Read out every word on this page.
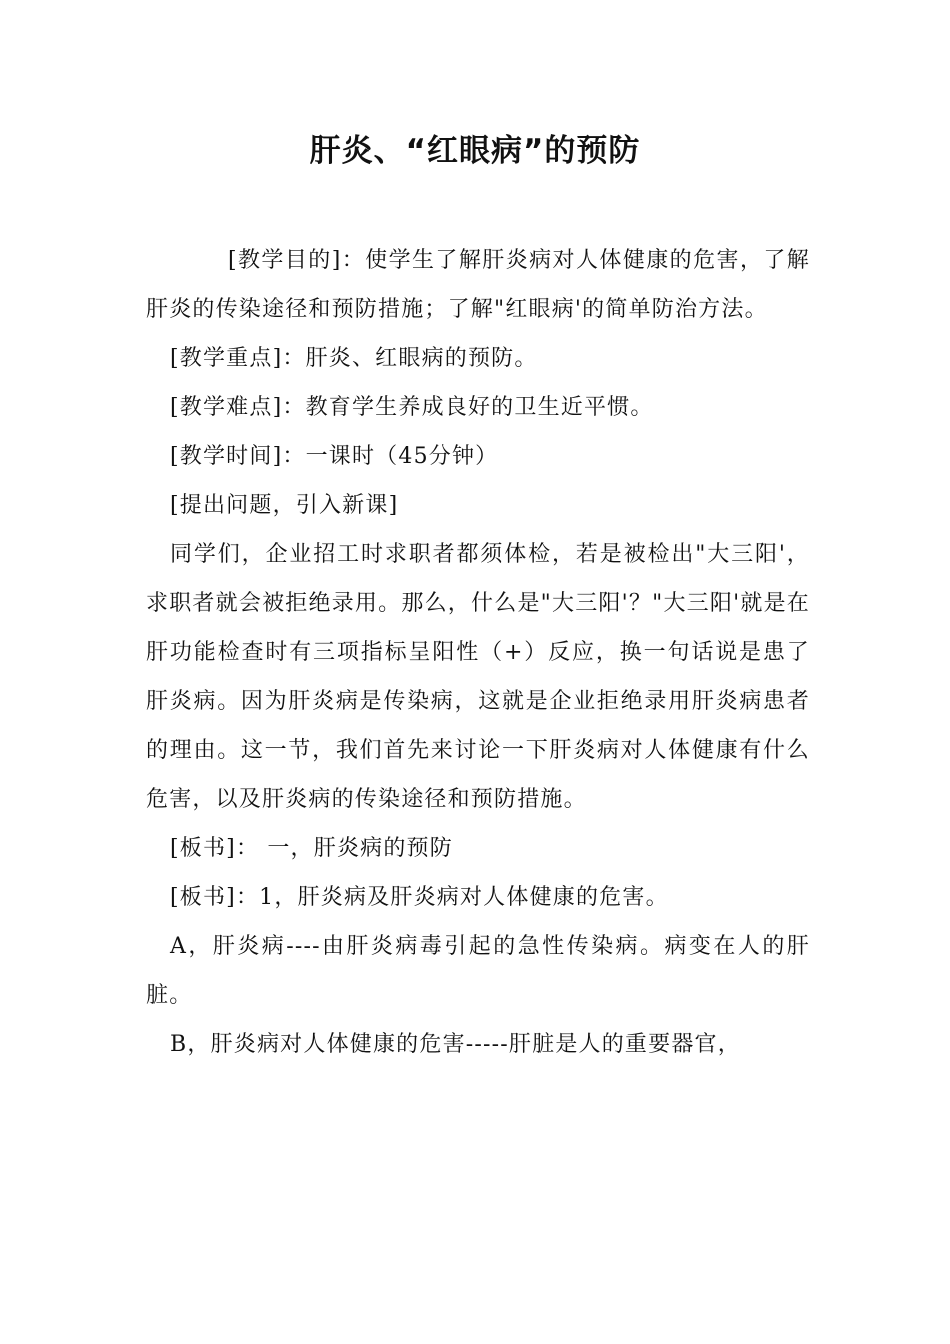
肝炎、“红眼病”的预防

[教学目的]：使学生了解肝炎病对人体健康的危害，了解肝炎的传染途径和预防措施；了解"红眼病'的简单防治方法。

[教学重点]：肝炎、红眼病的预防。

[教学难点]：教育学生养成良好的卫生近平惯。

[教学时间]：一课时（45分钟）

[提出问题，引入新课]

同学们，企业招工时求职者都须体检，若是被检出"大三阳'，求职者就会被拒绝录用。那么，什么是"大三阳'？"大三阳'就是在肝功能检查时有三项指标呈阳性（+）反应，换一句话说是患了肝炎病。因为肝炎病是传染病，这就是企业拒绝录用肝炎病患者的理由。这一节，我们首先来讨论一下肝炎病对人体健康有什么危害，以及肝炎病的传染途径和预防措施。

[板书]： 一，肝炎病的预防

[板书]：1，肝炎病及肝炎病对人体健康的危害。

A，肝炎病----由肝炎病毒引起的急性传染病。病变在人的肝脏。

B，肝炎病对人体健康的危害-----肝脏是人的重要器官，
